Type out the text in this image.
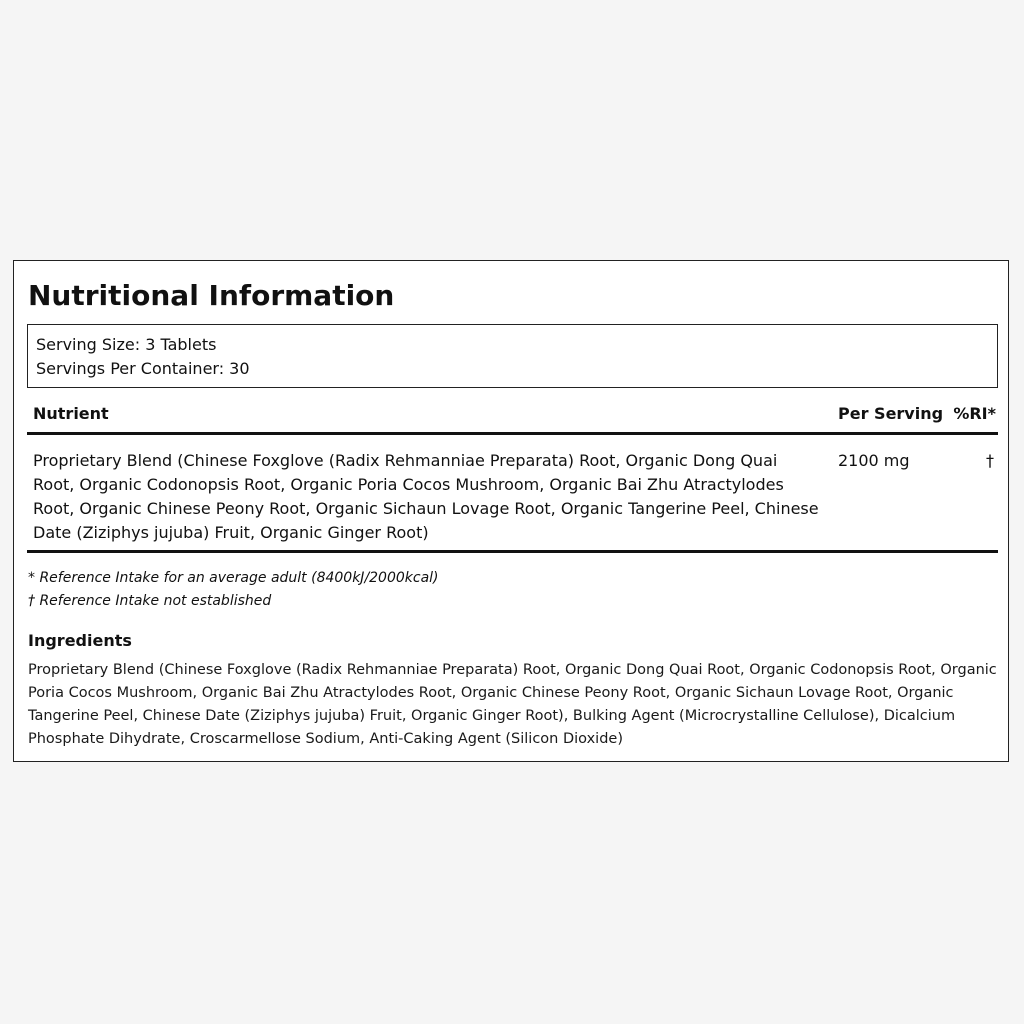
Nutritional Information
Serving Size: 3 Tablets
Servings Per Container: 30
Nutrient	Per Serving %RI*
Proprietary Blend (Chinese Foxglove (Radix Rehmanniae Preparata) Root, Organic Dong Quai Root, Organic Codonopsis Root, Organic Poria Cocos Mushroom, Organic Bai Zhu Atractylodes Root, Organic Chinese Peony Root, Organic Sichaun Lovage Root, Organic Tangerine Peel, Chinese Date (Ziziphys jujuba) Fruit, Organic Ginger Root)
2100 mg	†
* Reference Intake for an average adult (8400kJ/2000kcal)
† Reference Intake not established
Ingredients
Proprietary Blend (Chinese Foxglove (Radix Rehmanniae Preparata) Root, Organic Dong Quai Root, Organic Codonopsis Root, Organic Poria Cocos Mushroom, Organic Bai Zhu Atractylodes Root, Organic Chinese Peony Root, Organic Sichaun Lovage Root, Organic Tangerine Peel, Chinese Date (Ziziphys jujuba) Fruit, Organic Ginger Root), Bulking Agent (Microcrystalline Cellulose), Dicalcium Phosphate Dihydrate, Croscarmellose Sodium, Anti-Caking Agent (Silicon Dioxide)
